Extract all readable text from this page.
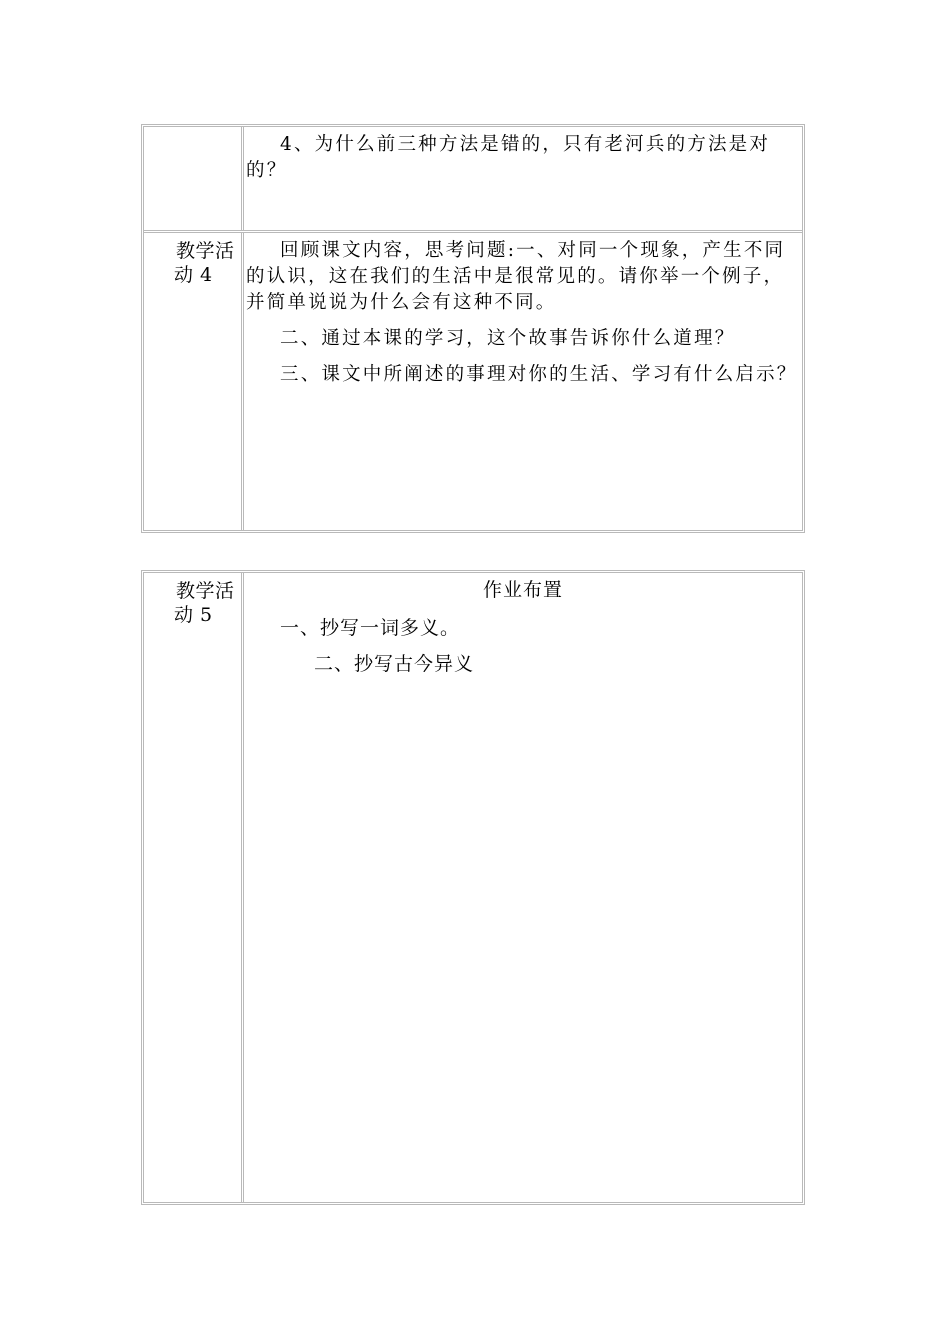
4、为什么前三种方法是错的，只有老河兵的方法是对的？

教学活
动 4

回顾课文内容，思考问题:一、对同一个现象，产生不同的认识，这在我们的生活中是很常见的。请你举一个例子，并简单说说为什么会有这种不同。

二、通过本课的学习，这个故事告诉你什么道理？

三、课文中所阐述的事理对你的生活、学习有什么启示？

教学活
动 5
作业布置
一、抄写一词多义。
二、抄写古今异义
